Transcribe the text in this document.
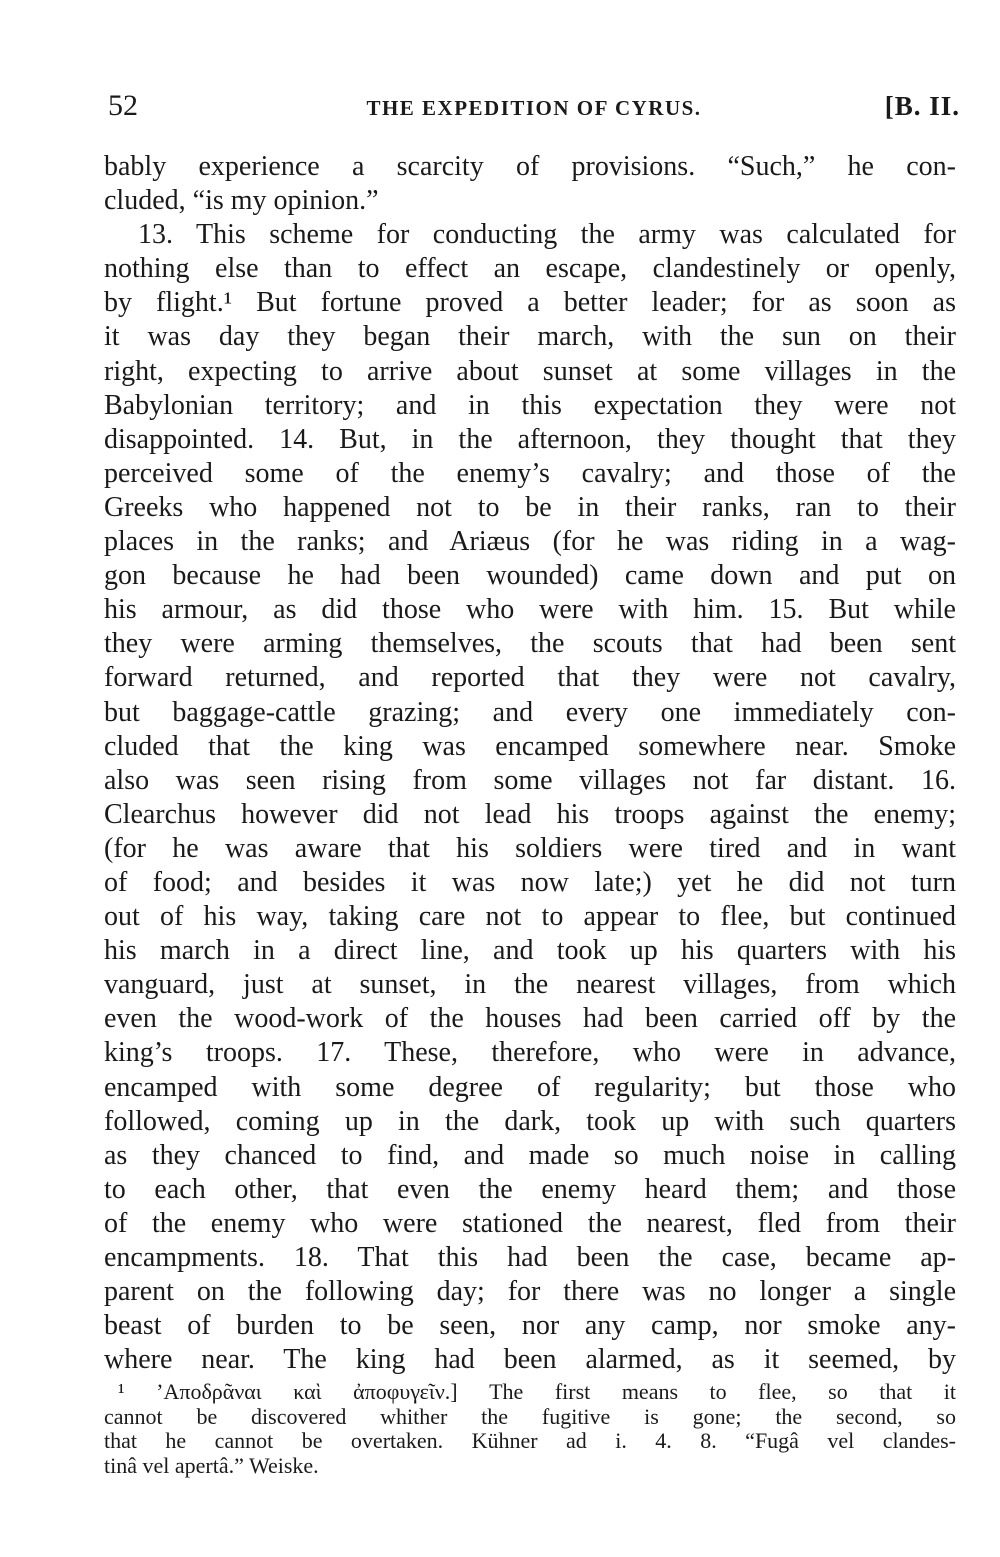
52	THE EXPEDITION OF CYRUS.	[B. II.
bably experience a scarcity of provisions. “Such,” he con-
cluded, “is my opinion.”
13. This scheme for conducting the army was calculated for
nothing else than to effect an escape, clandestinely or openly,
by flight.¹ But fortune proved a better leader; for as soon as
it was day they began their march, with the sun on their
right, expecting to arrive about sunset at some villages in the
Babylonian territory; and in this expectation they were not
disappointed. 14. But, in the afternoon, they thought that they
perceived some of the enemy’s cavalry; and those of the
Greeks who happened not to be in their ranks, ran to their
places in the ranks; and Ariæus (for he was riding in a wag-
gon because he had been wounded) came down and put on
his armour, as did those who were with him. 15. But while
they were arming themselves, the scouts that had been sent
forward returned, and reported that they were not cavalry,
but baggage-cattle grazing; and every one immediately con-
cluded that the king was encamped somewhere near. Smoke
also was seen rising from some villages not far distant. 16.
Clearchus however did not lead his troops against the enemy;
(for he was aware that his soldiers were tired and in want
of food; and besides it was now late;) yet he did not turn
out of his way, taking care not to appear to flee, but continued
his march in a direct line, and took up his quarters with his
vanguard, just at sunset, in the nearest villages, from which
even the wood-work of the houses had been carried off by the
king’s troops. 17. These, therefore, who were in advance,
encamped with some degree of regularity; but those who
followed, coming up in the dark, took up with such quarters
as they chanced to find, and made so much noise in calling
to each other, that even the enemy heard them; and those
of the enemy who were stationed the nearest, fled from their
encampments. 18. That this had been the case, became ap-
parent on the following day; for there was no longer a single
beast of burden to be seen, nor any camp, nor smoke any-
where near. The king had been alarmed, as it seemed, by
¹ ’Αποδρᾶναι καὶ ἀποφυγεῖν.] The first means to flee, so that it
cannot be discovered whither the fugitive is gone; the second, so
that he cannot be overtaken. Kühner ad i. 4. 8. “Fugâ vel clandes-
tinâ vel apertâ.” Weiske.
